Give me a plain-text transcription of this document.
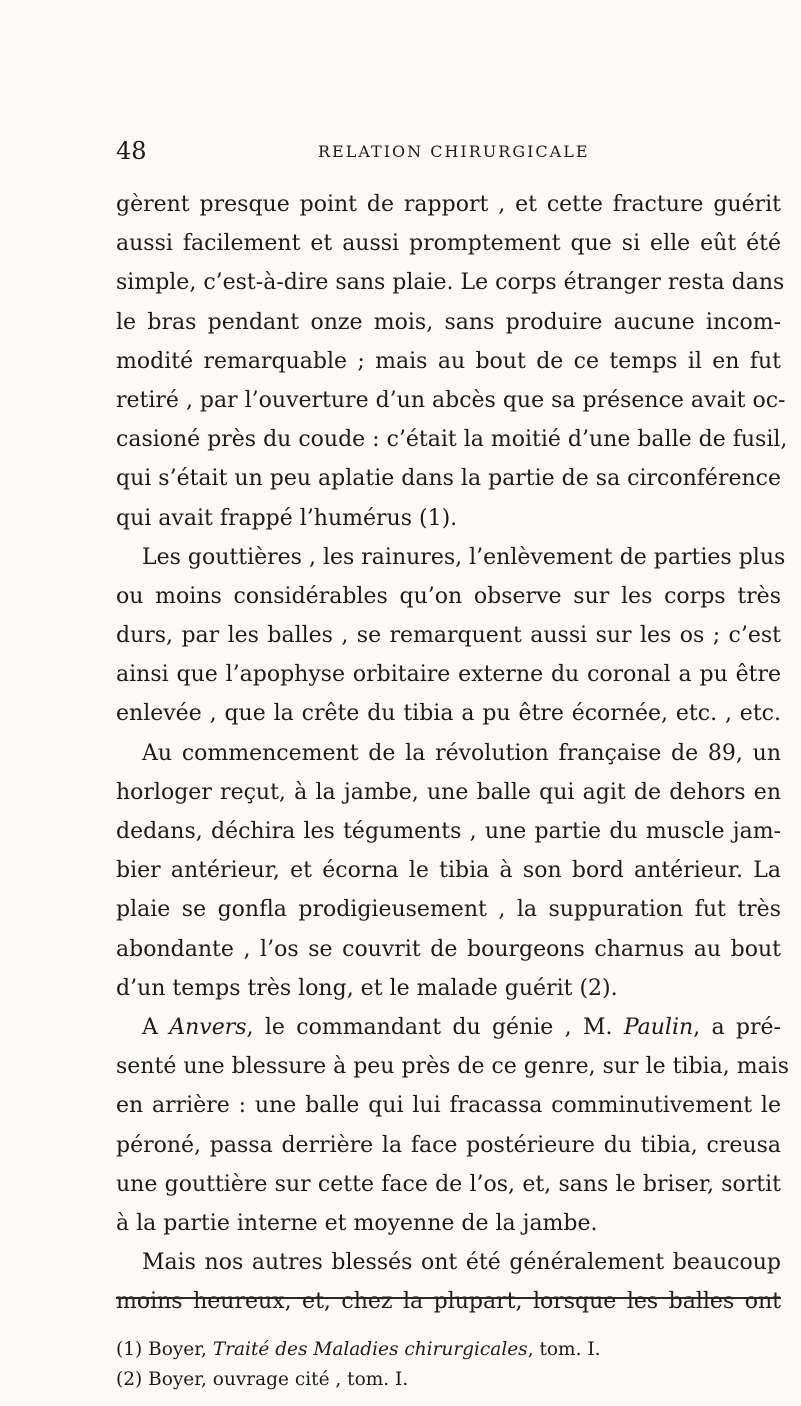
48	RELATION CHIRURGICALE
gèrent presque point de rapport , et cette fracture guérit
aussi facilement et aussi promptement que si elle eût été
simple, c’est-à-dire sans plaie. Le corps étranger resta dans
le bras pendant onze mois, sans produire aucune incom-
modité remarquable ; mais au bout de ce temps il en fut
retiré , par l’ouverture d’un abcès que sa présence avait oc-
casioné près du coude : c’était la moitié d’une balle de fusil,
qui s’était un peu aplatie dans la partie de sa circonférence
qui avait frappé l’humérus (1).
Les gouttières , les rainures, l’enlèvement de parties plus
ou moins considérables qu’on observe sur les corps très
durs, par les balles , se remarquent aussi sur les os ; c’est
ainsi que l’apophyse orbitaire externe du coronal a pu être
enlevée , que la crête du tibia a pu être écornée, etc. , etc.
Au commencement de la révolution française de 89, un
horloger reçut, à la jambe, une balle qui agit de dehors en
dedans, déchira les téguments , une partie du muscle jam-
bier antérieur, et écorna le tibia à son bord antérieur. La
plaie se gonfla prodigieusement , la suppuration fut très
abondante , l’os se couvrit de bourgeons charnus au bout
d’un temps très long, et le malade guérit (2).
A Anvers, le commandant du génie , M. Paulin, a pré-
senté une blessure à peu près de ce genre, sur le tibia, mais
en arrière : une balle qui lui fracassa comminutivement le
péroné, passa derrière la face postérieure du tibia, creusa
une gouttière sur cette face de l’os, et, sans le briser, sortit
à la partie interne et moyenne de la jambe.
Mais nos autres blessés ont été généralement beaucoup
moins heureux, et, chez la plupart, lorsque les balles ont
(1) Boyer, Traité des Maladies chirurgicales, tom. I.
(2) Boyer, ouvrage cité , tom. I.
